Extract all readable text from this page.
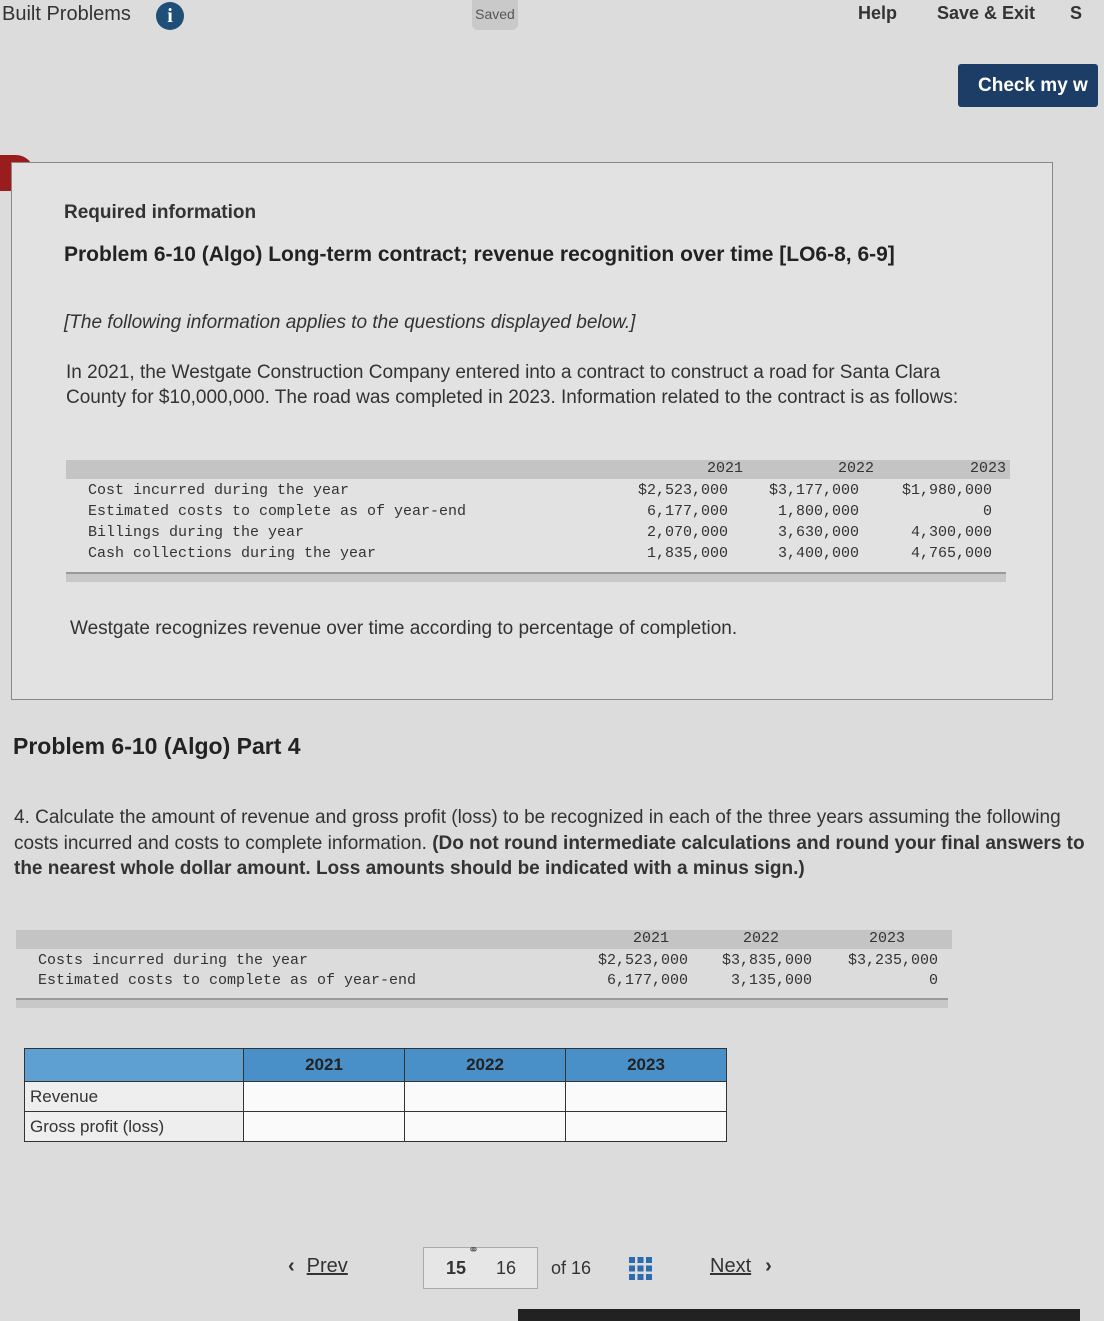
Built Problems	i	Saved	Help Save & Exit S
Check my w
Required information
Problem 6-10 (Algo) Long-term contract; revenue recognition over time [LO6-8, 6-9]
[The following information applies to the questions displayed below.]
In 2021, the Westgate Construction Company entered into a contract to construct a road for Santa Clara County for $10,000,000. The road was completed in 2023. Information related to the contract is as follows:
2021	2022	2023
Cost incurred during the year	$2,523,000	$3,177,000	$1,980,000
Estimated costs to complete as of year-end	6,177,000	1,800,000	0
Billings during the year	2,070,000	3,630,000	4,300,000
Cash collections during the year	1,835,000	3,400,000	4,765,000
Westgate recognizes revenue over time according to percentage of completion.
Problem 6-10 (Algo) Part 4
4. Calculate the amount of revenue and gross profit (loss) to be recognized in each of the three years assuming the following costs incurred and costs to complete information. (Do not round intermediate calculations and round your final answers to the nearest whole dollar amount. Loss amounts should be indicated with a minus sign.)
2021	2022	2023
Costs incurred during the year	$2,523,000	$3,835,000	$3,235,000
Estimated costs to complete as of year-end	6,177,000	3,135,000	0
	2021	2022	2023
Revenue			
Gross profit (loss)			
‹ Prev
⚭
15 16 of 16	Next ›
